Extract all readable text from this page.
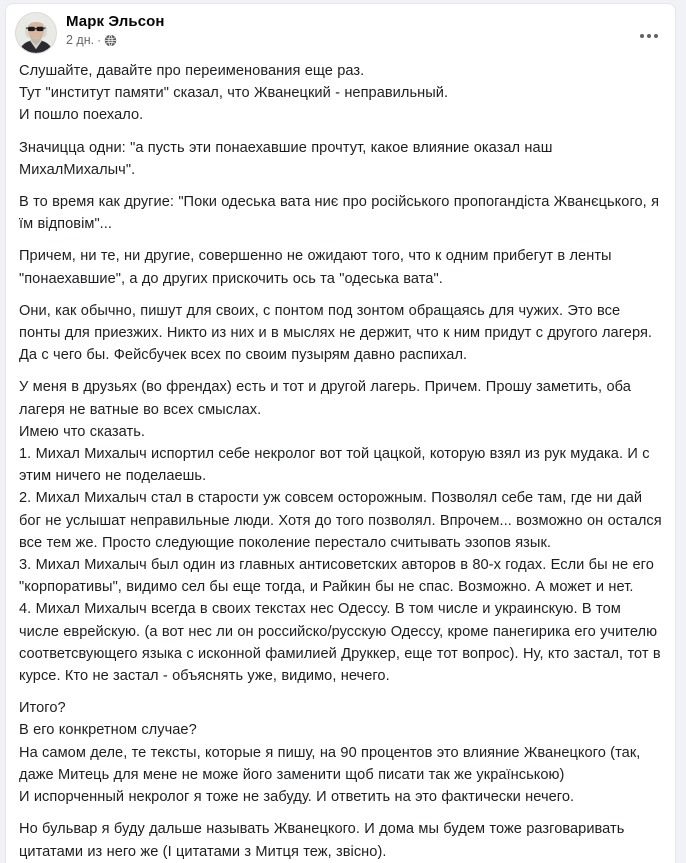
Марк Эльсон
2 дн. ·
Слушайте, давайте про переименования еще раз.
Тут "институт памяти" сказал, что Жванецкий - неправильный.
И пошло поехало.
Значицца одни: "а пусть эти понаехавшие прочтут, какое влияние оказал наш МихалМихалыч".
В то время как другие: "Поки одеська вата ниє про російського пропогандіста Жванєцького, я їм відповім"...
Причем, ни те, ни другие, совершенно не ожидают того, что к одним прибегут в ленты "понаехавшие", а до других прискочить ось та "одеська вата".
Они, как обычно, пишут для своих, с понтом под зонтом обращаясь для чужих. Это все понты для приезжих. Никто из них и в мыслях не держит, что к ним придут с другого лагеря. Да с чего бы. Фейсбучек всех по своим пузырям давно распихал.
У меня в друзьях (во френдах) есть и тот и другой лагерь. Причем. Прошу заметить, оба лагеря не ватные во всех смыслах.
Имею что сказать.
1. Михал Михалыч испортил себе некролог вот той цацкой, которую взял из рук мудака. И с этим ничего не поделаешь.
2. Михал Михалыч стал в старости уж совсем осторожным. Позволял себе там, где ни дай бог не услышат неправильные люди. Хотя до того позволял. Впрочем... возможно он остался все тем же. Просто следующие поколение перестало считывать эзопов язык.
3. Михал Михалыч был один из главных антисоветских авторов в 80-х годах. Если бы не его "корпоративы", видимо сел бы еще тогда, и Райкин бы не спас. Возможно. А может и нет.
4. Михал Михалыч всегда в своих текстах нес Одессу. В том числе и украинскую. В том числе еврейскую. (а вот нес ли он российско/русскую Одессу, кроме панегирика его учителю соответсвующего языка с исконной фамилией Друккер, еще тот вопрос). Ну, кто застал, тот в курсе. Кто не застал - объяснять уже, видимо, нечего.
Итого?
В его конкретном случае?
На самом деле, те тексты, которые я пишу, на 90 процентов это влияние Жванецкого (так, даже Митець для мене не може його заменити щоб писати так же українською)
И испорченный некролог я тоже не забуду. И ответить на это фактически нечего.
Но бульвар я буду дальше называть Жванецкого. И дома мы будем тоже разговаривать цитатами из него же (І цитатами з Митця теж, звісно).
